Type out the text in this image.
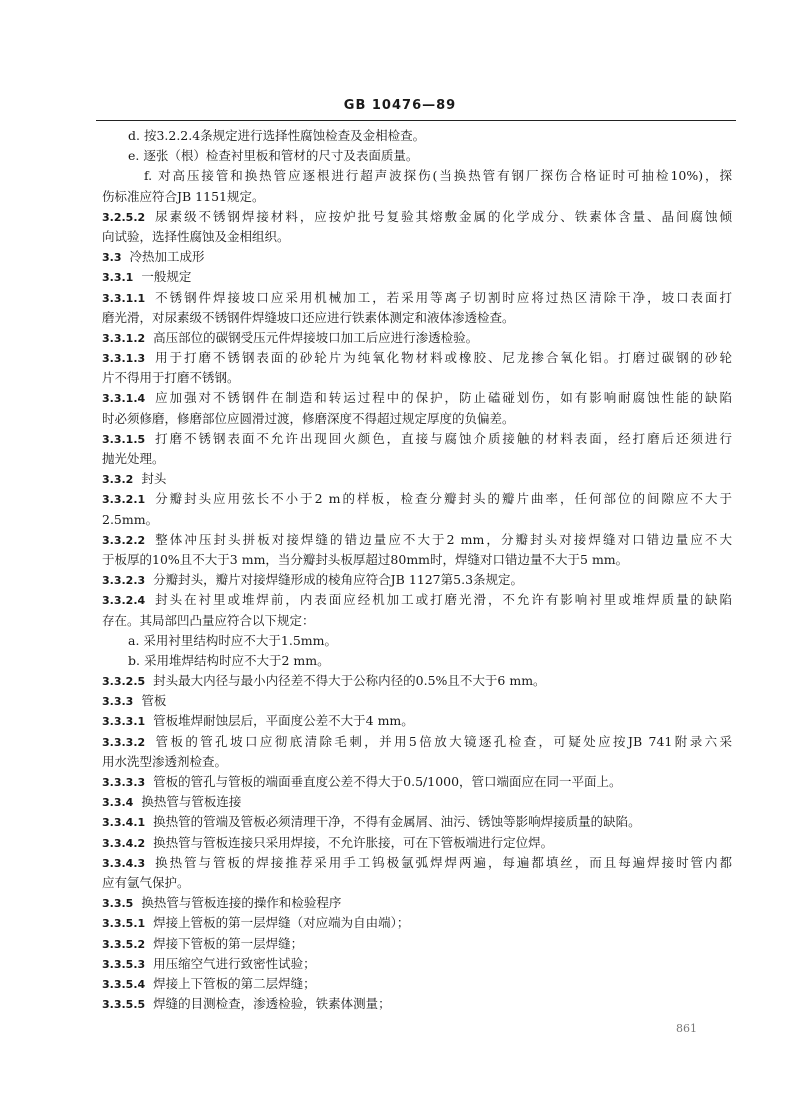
GB 10476—89
d. 按3.2.2.4条规定进行选择性腐蚀检查及金相检查。
e. 逐张（根）检查衬里板和管材的尺寸及表面质量。
f. 对高压接管和换热管应逐根进行超声波探伤(当换热管有钢厂探伤合格证时可抽检10%)，探
伤标准应符合JB 1151规定。
3.2.5.2 尿素级不锈钢焊接材料，应按炉批号复验其熔敷金属的化学成分、铁素体含量、晶间腐蚀倾
向试验，选择性腐蚀及金相组织。
3.3 冷热加工成形
3.3.1 一般规定
3.3.1.1 不锈钢件焊接坡口应采用机械加工，若采用等离子切割时应将过热区清除干净，坡口表面打
磨光滑，对尿素级不锈钢件焊缝坡口还应进行铁素体测定和液体渗透检查。
3.3.1.2 高压部位的碳钢受压元件焊接坡口加工后应进行渗透检验。
3.3.1.3 用于打磨不锈钢表面的砂轮片为纯氧化物材料或橡胶、尼龙掺合氧化铝。打磨过碳钢的砂轮
片不得用于打磨不锈钢。
3.3.1.4 应加强对不锈钢件在制造和转运过程中的保护，防止磕碰划伤，如有影响耐腐蚀性能的缺陷
时必须修磨，修磨部位应圆滑过渡，修磨深度不得超过规定厚度的负偏差。
3.3.1.5 打磨不锈钢表面不允许出现回火颜色，直接与腐蚀介质接触的材料表面，经打磨后还须进行
抛光处理。
3.3.2 封头
3.3.2.1 分瓣封头应用弦长不小于2 m的样板，检查分瓣封头的瓣片曲率，任何部位的间隙应不大于
2.5mm。
3.3.2.2 整体冲压封头拼板对接焊缝的错边量应不大于2 mm，分瓣封头对接焊缝对口错边量应不大
于板厚的10%且不大于3 mm，当分瓣封头板厚超过80mm时，焊缝对口错边量不大于5 mm。
3.3.2.3 分瓣封头，瓣片对接焊缝形成的棱角应符合JB 1127第5.3条规定。
3.3.2.4 封头在衬里或堆焊前，内表面应经机加工或打磨光滑，不允许有影响衬里或堆焊质量的缺陷
存在。其局部凹凸量应符合以下规定：
a. 采用衬里结构时应不大于1.5mm。
b. 采用堆焊结构时应不大于2 mm。
3.3.2.5 封头最大内径与最小内径差不得大于公称内径的0.5%且不大于6 mm。
3.3.3 管板
3.3.3.1 管板堆焊耐蚀层后，平面度公差不大于4 mm。
3.3.3.2 管板的管孔坡口应彻底清除毛刺，并用5倍放大镜逐孔检查，可疑处应按JB 741附录六采
用水洗型渗透剂检查。
3.3.3.3 管板的管孔与管板的端面垂直度公差不得大于0.5/1000，管口端面应在同一平面上。
3.3.4 换热管与管板连接
3.3.4.1 换热管的管端及管板必须清理干净，不得有金属屑、油污、锈蚀等影响焊接质量的缺陷。
3.3.4.2 换热管与管板连接只采用焊接，不允许胀接，可在下管板端进行定位焊。
3.3.4.3 换热管与管板的焊接推荐采用手工钨极氩弧焊焊两遍，每遍都填丝，而且每遍焊接时管内都
应有氩气保护。
3.3.5 换热管与管板连接的操作和检验程序
3.3.5.1 焊接上管板的第一层焊缝（对应端为自由端）；
3.3.5.2 焊接下管板的第一层焊缝；
3.3.5.3 用压缩空气进行致密性试验；
3.3.5.4 焊接上下管板的第二层焊缝；
3.3.5.5 焊缝的目测检查，渗透检验，铁素体测量；
861
